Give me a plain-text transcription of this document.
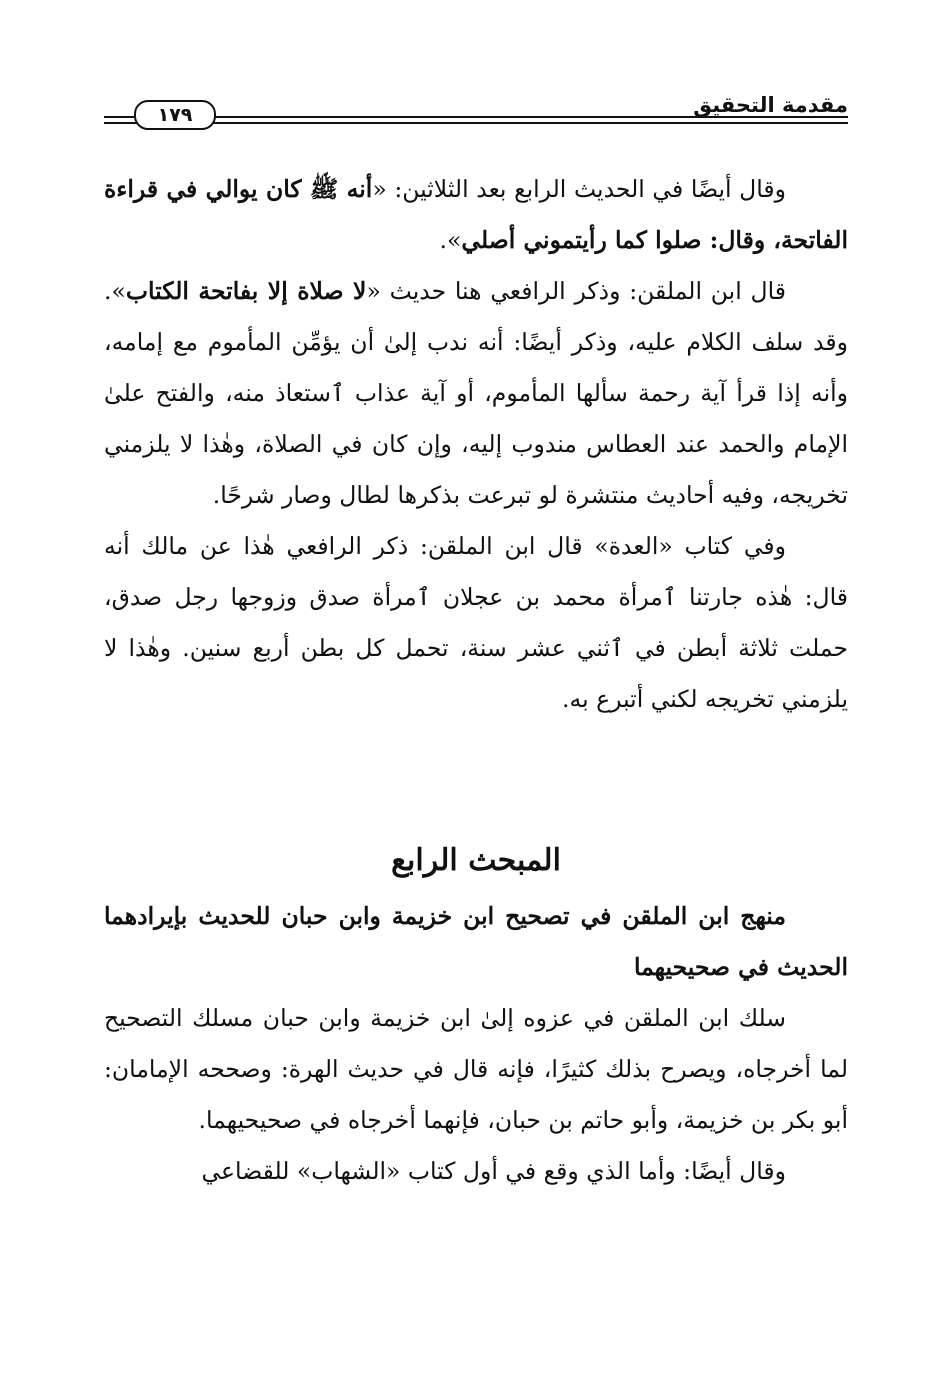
مقدمة التحقيق
١٧٩

وقال أيضًا في الحديث الرابع بعد الثلاثين: «أنه ﷺ كان يوالي في قراءة الفاتحة، وقال: صلوا كما رأيتموني أصلي».

قال ابن الملقن: وذكر الرافعي هنا حديث «لا صلاة إلا بفاتحة الكتاب». وقد سلف الكلام عليه، وذكر أيضًا: أنه ندب إلىٰ أن يؤمِّن المأموم مع إمامه، وأنه إذا قرأ آية رحمة سألها المأموم، أو آية عذاب ٱستعاذ منه، والفتح علىٰ الإمام والحمد عند العطاس مندوب إليه، وإن كان في الصلاة، وهٰذا لا يلزمني تخريجه، وفيه أحاديث منتشرة لو تبرعت بذكرها لطال وصار شرحًا.

وفي كتاب «العدة» قال ابن الملقن: ذكر الرافعي هٰذا عن مالك أنه قال: هٰذه جارتنا ٱمرأة محمد بن عجلان ٱمرأة صدق وزوجها رجل صدق، حملت ثلاثة أبطن في ٱثني عشر سنة، تحمل كل بطن أربع سنين. وهٰذا لا يلزمني تخريجه لكني أتبرع به.

المبحث الرابع

منهج ابن الملقن في تصحيح ابن خزيمة وابن حبان للحديث بإيرادهما الحديث في صحيحيهما

سلك ابن الملقن في عزوه إلىٰ ابن خزيمة وابن حبان مسلك التصحيح لما أخرجاه، ويصرح بذلك كثيرًا، فإنه قال في حديث الهرة: وصححه الإمامان: أبو بكر بن خزيمة، وأبو حاتم بن حبان، فإنهما أخرجاه في صحيحيهما.

وقال أيضًا: وأما الذي وقع في أول كتاب «الشهاب» للقضاعي
